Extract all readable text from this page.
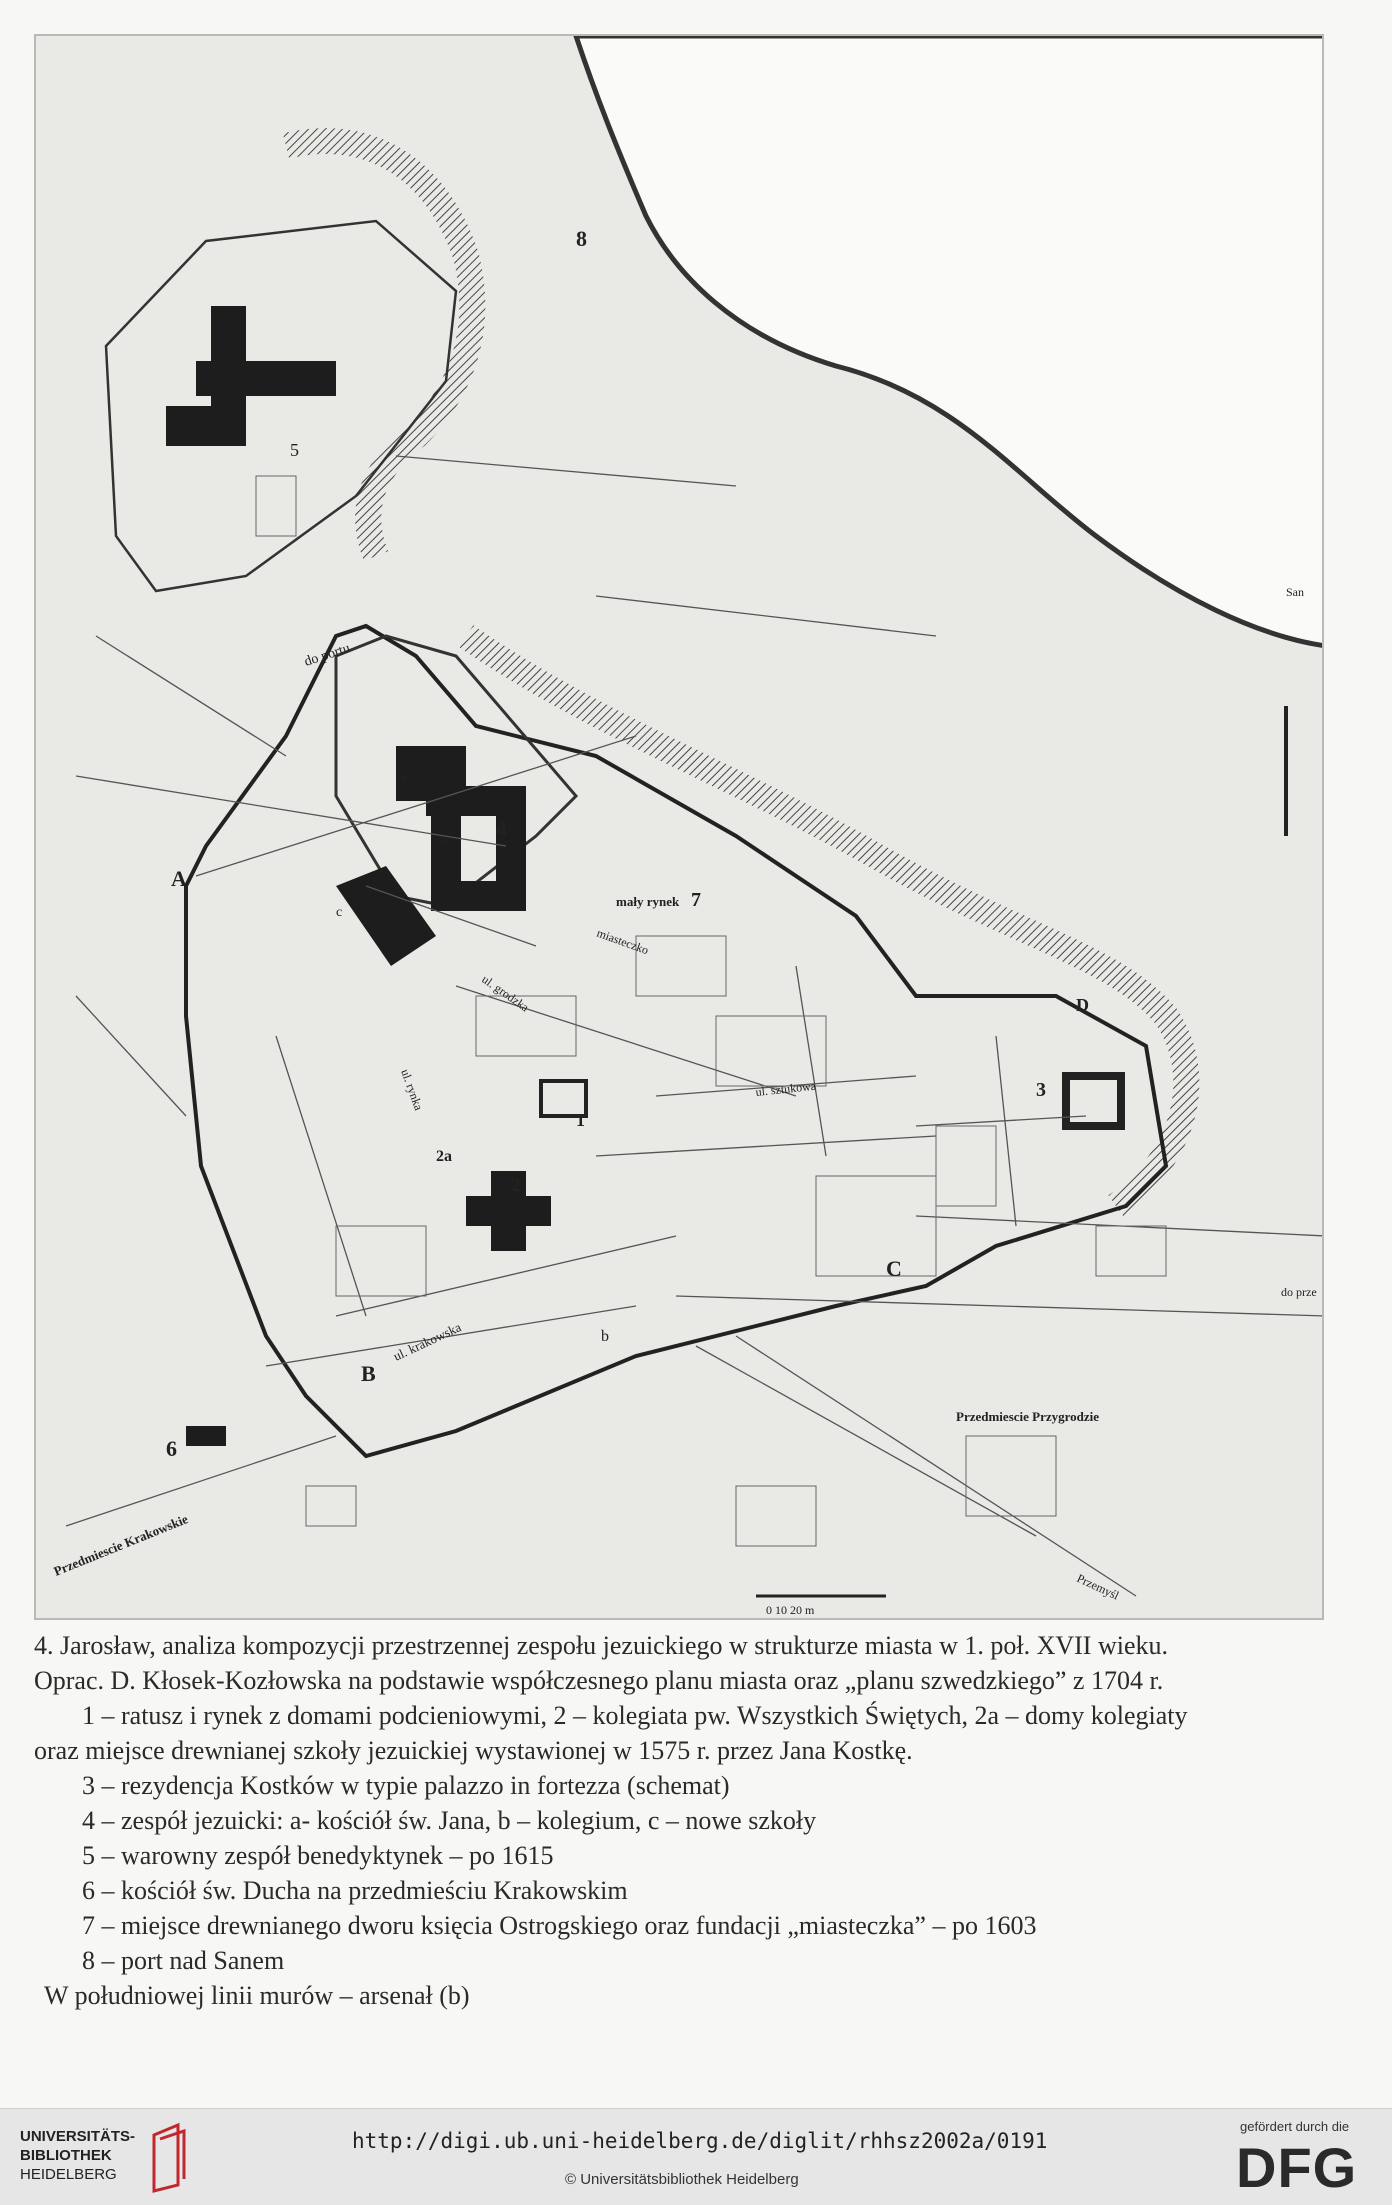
5
8
4
7
1
2
2a
3
6
A
B
C
D
a
b
b
c
do portu
mały rynek
miasteczko
ul. rynka
ul. grodzka
ul. sztukowa
ul. krakowska
Przedmiescie Krakowskie
Przedmiescie Przygrodzie
San
do prze
Przemyśl
0 10 20 m

4. Jarosław, analiza kompozycji przestrzennej zespołu jezuickiego w strukturze miasta w 1. poł. XVII wieku.

Oprac. D. Kłosek-Kozłowska na podstawie współczesnego planu miasta oraz „planu szwedzkiego” z 1704 r.

1 – ratusz i rynek z domami podcieniowymi, 2 – kolegiata pw. Wszystkich Świętych, 2a – domy kolegiaty

oraz miejsce drewnianej szkoły jezuickiej wystawionej w 1575 r. przez Jana Kostkę.

3 – rezydencja Kostków w typie palazzo in fortezza (schemat)

4 – zespół jezuicki: a- kościół św. Jana, b – kolegium, c – nowe szkoły

5 – warowny zespół benedyktynek – po 1615

6 – kościół św. Ducha na przedmieściu Krakowskim

7 – miejsce drewnianego dworu księcia Ostrogskiego oraz fundacji „miasteczka” – po 1603

8 – port nad Sanem

W południowej linii murów – arsenał (b)

UNIVERSITÄTS-
BIBLIOTHEK
HEIDELBERG
http://digi.ub.uni-heidelberg.de/diglit/rhhsz2002a/0191
© Universitätsbibliothek Heidelberg
gefördert durch die
DFG
